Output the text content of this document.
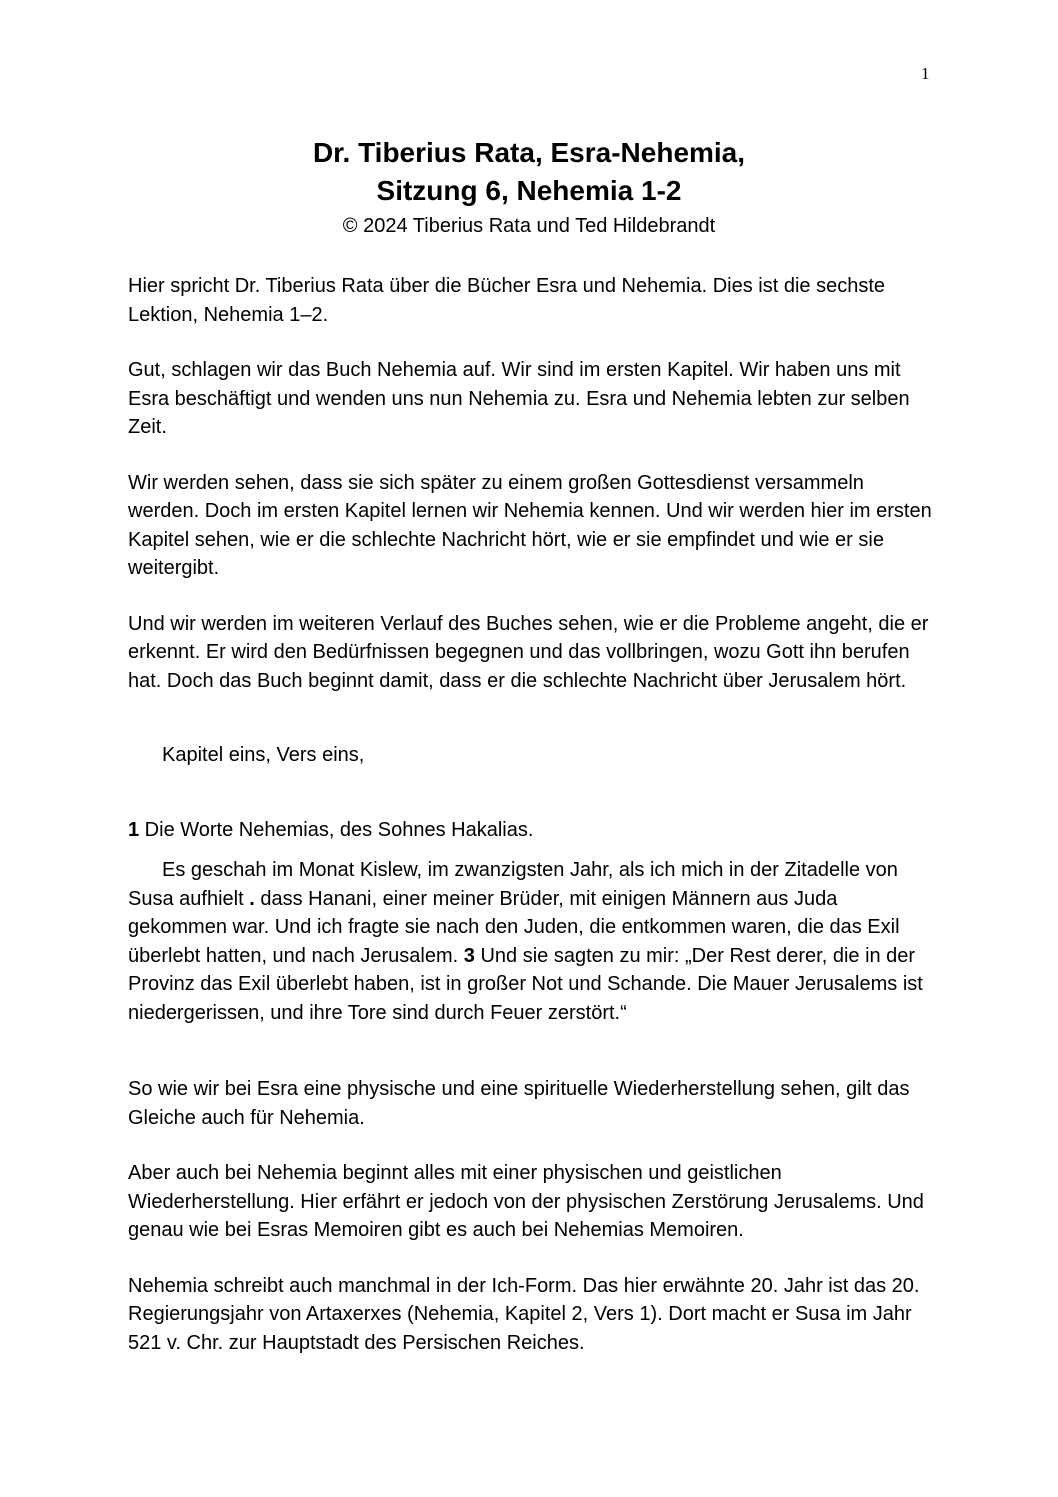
1
Dr. Tiberius Rata, Esra-Nehemia,
Sitzung 6, Nehemia 1-2
© 2024 Tiberius Rata und Ted Hildebrandt

Hier spricht Dr. Tiberius Rata über die Bücher Esra und Nehemia. Dies ist die sechste Lektion, Nehemia 1–2.

Gut, schlagen wir das Buch Nehemia auf. Wir sind im ersten Kapitel. Wir haben uns mit Esra beschäftigt und wenden uns nun Nehemia zu. Esra und Nehemia lebten zur selben Zeit.

Wir werden sehen, dass sie sich später zu einem großen Gottesdienst versammeln werden. Doch im ersten Kapitel lernen wir Nehemia kennen. Und wir werden hier im ersten Kapitel sehen, wie er die schlechte Nachricht hört, wie er sie empfindet und wie er sie weitergibt.

Und wir werden im weiteren Verlauf des Buches sehen, wie er die Probleme angeht, die er erkennt. Er wird den Bedürfnissen begegnen und das vollbringen, wozu Gott ihn berufen hat. Doch das Buch beginnt damit, dass er die schlechte Nachricht über Jerusalem hört.

Kapitel eins, Vers eins,

1 Die Worte Nehemias, des Sohnes Hakalias.

Es geschah im Monat Kislew, im zwanzigsten Jahr, als ich mich in der Zitadelle von Susa aufhielt . dass Hanani, einer meiner Brüder, mit einigen Männern aus Juda gekommen war. Und ich fragte sie nach den Juden, die entkommen waren, die das Exil überlebt hatten, und nach Jerusalem. 3 Und sie sagten zu mir: „Der Rest derer, die in der Provinz das Exil überlebt haben, ist in großer Not und Schande. Die Mauer Jerusalems ist niedergerissen, und ihre Tore sind durch Feuer zerstört.“

So wie wir bei Esra eine physische und eine spirituelle Wiederherstellung sehen, gilt das Gleiche auch für Nehemia.

Aber auch bei Nehemia beginnt alles mit einer physischen und geistlichen Wiederherstellung. Hier erfährt er jedoch von der physischen Zerstörung Jerusalems. Und genau wie bei Esras Memoiren gibt es auch bei Nehemias Memoiren.

Nehemia schreibt auch manchmal in der Ich-Form. Das hier erwähnte 20. Jahr ist das 20. Regierungsjahr von Artaxerxes (Nehemia, Kapitel 2, Vers 1). Dort macht er Susa im Jahr 521 v. Chr. zur Hauptstadt des Persischen Reiches.
